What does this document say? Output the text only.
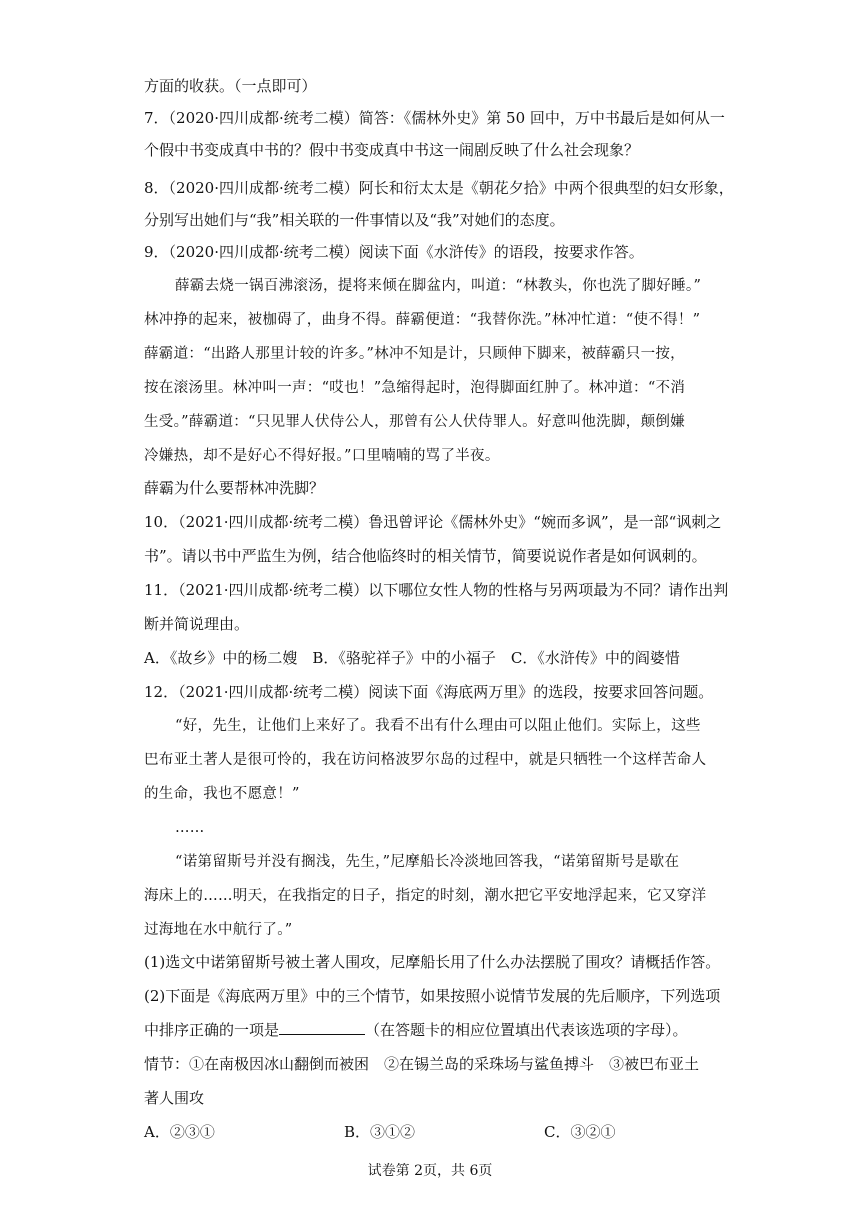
方面的收获。（一点即可）
7．（2020·四川成都·统考二模）简答：《儒林外史》第 50 回中，万中书最后是如何从一
个假中书变成真中书的？假中书变成真中书这一闹剧反映了什么社会现象？
8．（2020·四川成都·统考二模）阿长和衍太太是《朝花夕拾》中两个很典型的妇女形象，
分别写出她们与“我”相关联的一件事情以及“我”对她们的态度。
9．（2020·四川成都·统考二模）阅读下面《水浒传》的语段，按要求作答。
薛霸去烧一锅百沸滚汤，提将来倾在脚盆内，叫道：“林教头，你也洗了脚好睡。”
林冲挣的起来，被枷碍了，曲身不得。薛霸便道：“我替你洗。”林冲忙道：“使不得！”
薛霸道：“出路人那里计较的许多。”林冲不知是计，只顾伸下脚来，被薛霸只一按，
按在滚汤里。林冲叫一声：“哎也！”急缩得起时，泡得脚面红肿了。林冲道：“不消
生受。”薛霸道：“只见罪人伏侍公人，那曾有公人伏侍罪人。好意叫他洗脚，颠倒嫌
冷嫌热，却不是好心不得好报。”口里喃喃的骂了半夜。
薛霸为什么要帮林冲洗脚？
10．（2021·四川成都·统考二模）鲁迅曾评论《儒林外史》“婉而多讽”，是一部“讽刺之
书”。请以书中严监生为例，结合他临终时的相关情节，简要说说作者是如何讽刺的。
11．（2021·四川成都·统考二模）以下哪位女性人物的性格与另两项最为不同？请作出判
断并简说理由。
A．《故乡》中的杨二嫂　B．《骆驼祥子》中的小福子　C．《水浒传》中的阎婆惜
12．（2021·四川成都·统考二模）阅读下面《海底两万里》的选段，按要求回答问题。
“好，先生，让他们上来好了。我看不出有什么理由可以阻止他们。实际上，这些
巴布亚土著人是很可怜的，我在访问格波罗尔岛的过程中，就是只牺牲一个这样苦命人
的生命，我也不愿意！”
……
“诺第留斯号并没有搁浅，先生，”尼摩船长冷淡地回答我，“诺第留斯号是歇在
海床上的……明天，在我指定的日子，指定的时刻，潮水把它平安地浮起来，它又穿洋
过海地在水中航行了。”
(1)选文中诺第留斯号被土著人围攻，尼摩船长用了什么办法摆脱了围攻？请概括作答。
(2)下面是《海底两万里》中的三个情节，如果按照小说情节发展的先后顺序，下列选项
中排序正确的一项是	（在答题卡的相应位置填出代表该选项的字母）。
情节：①在南极因冰山翻倒而被困　②在锡兰岛的采珠场与鲨鱼搏斗　③被巴布亚土
著人围攻
A．②③①	B．③①②	C．③②①
试卷第 2页，共 6页
